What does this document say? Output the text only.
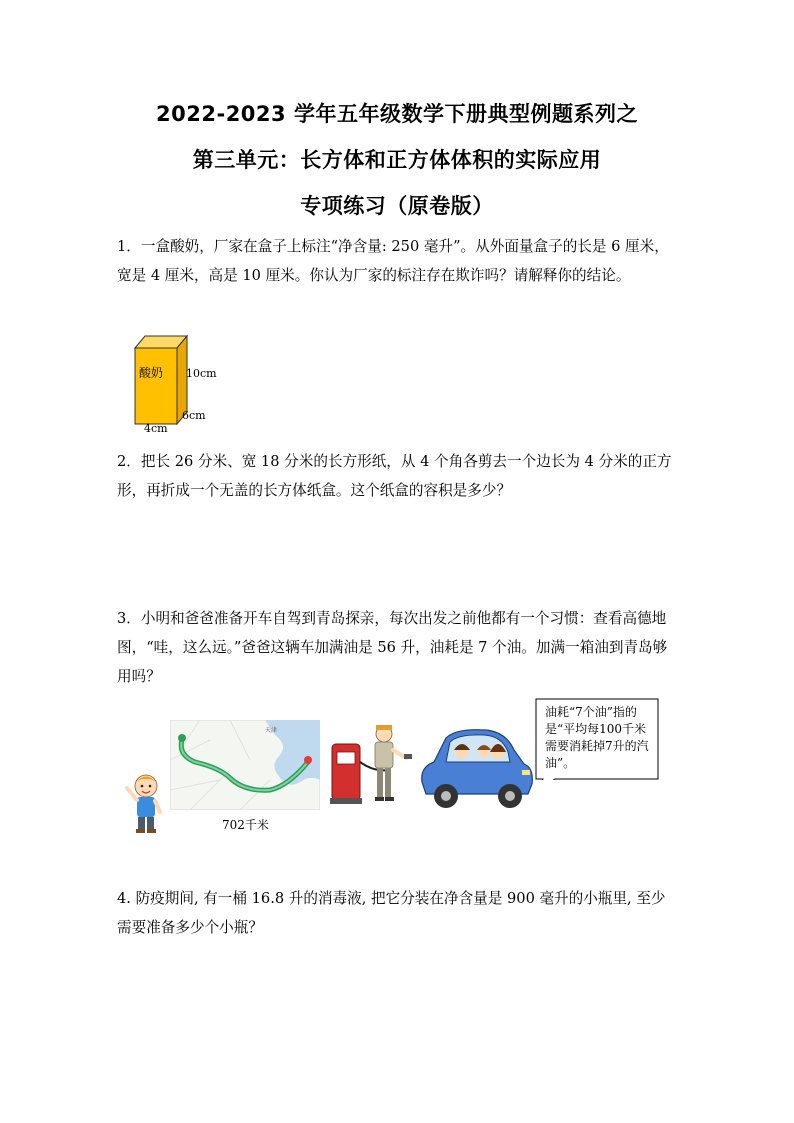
2022-2023 学年五年级数学下册典型例题系列之
第三单元：长方体和正方体体积的实际应用
专项练习（原卷版）

1．一盒酸奶，厂家在盒子上标注“净含量: 250 毫升”。从外面量盒子的长是 6 厘米，宽是 4 厘米，高是 10 厘米。你认为厂家的标注存在欺诈吗？请解释你的结论。

酸奶 10cm
6cm
4cm

2．把长 26 分米、宽 18 分米的长方形纸，从 4 个角各剪去一个边长为 4 分米的正方形，再折成一个无盖的长方体纸盒。这个纸盒的容积是多少？

3．小明和爸爸准备开车自驾到青岛探亲，每次出发之前他都有一个习惯：查看高德地图，“哇，这么远。”爸爸这辆车加满油是 56 升，油耗是 7 个油。加满一箱油到青岛够用吗？

天津
702千米
油耗“7个油”指的是“平均每100千米需要消耗掉7升的汽油”。

4. 防疫期间, 有一桶 16.8 升的消毒液, 把它分装在净含量是 900 毫升的小瓶里, 至少需要准备多少个小瓶？
